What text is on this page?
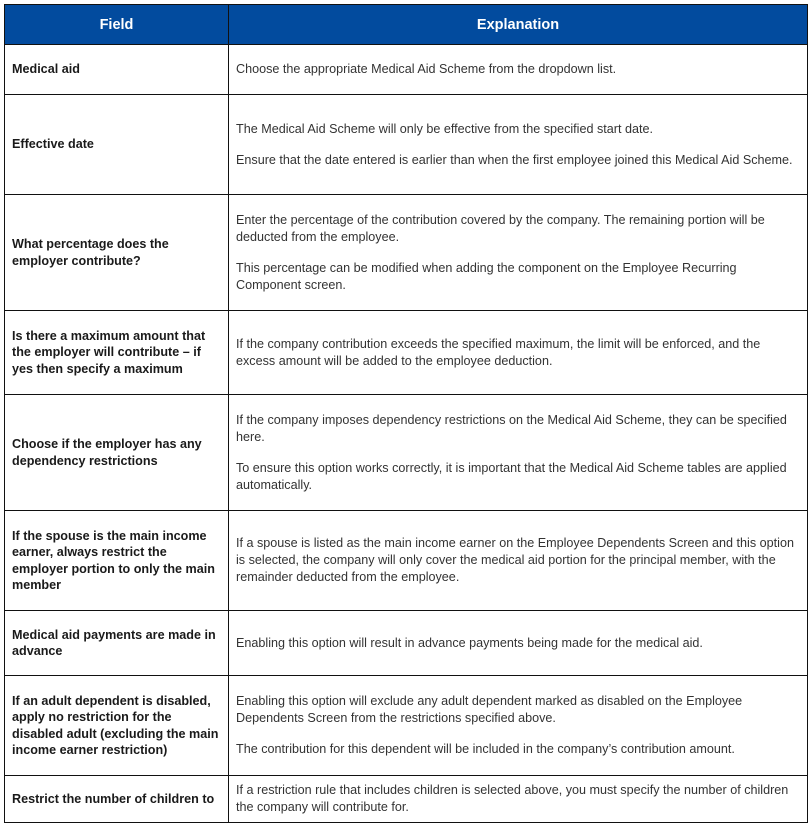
Field	Explanation
Medical aid	Choose the appropriate Medical Aid Scheme from the dropdown list.

Effective date	The Medical Aid Scheme will only be effective from the specified start date.

Ensure that the date entered is earlier than when the first employee joined this Medical Aid Scheme.

What percentage does the employer contribute?	Enter the percentage of the contribution covered by the company. The remaining portion will be deducted from the employee.

This percentage can be modified when adding the component on the Employee Recurring Component screen.

Is there a maximum amount that the employer will contribute – if yes then specify a maximum	If the company contribution exceeds the specified maximum, the limit will be enforced, and the excess amount will be added to the employee deduction.

Choose if the employer has any dependency restrictions	If the company imposes dependency restrictions on the Medical Aid Scheme, they can be specified here.

To ensure this option works correctly, it is important that the Medical Aid Scheme tables are applied automatically.

If the spouse is the main income earner, always restrict the employer portion to only the main member	If a spouse is listed as the main income earner on the Employee Dependents Screen and this option is selected, the company will only cover the medical aid portion for the principal member, with the remainder deducted from the employee.

Medical aid payments are made in advance	Enabling this option will result in advance payments being made for the medical aid.

If an adult dependent is disabled, apply no restriction for the disabled adult (excluding the main income earner restriction)	Enabling this option will exclude any adult dependent marked as disabled on the Employee Dependents Screen from the restrictions specified above.

The contribution for this dependent will be included in the company’s contribution amount.

Restrict the number of children to	If a restriction rule that includes children is selected above, you must specify the number of children the company will contribute for.
